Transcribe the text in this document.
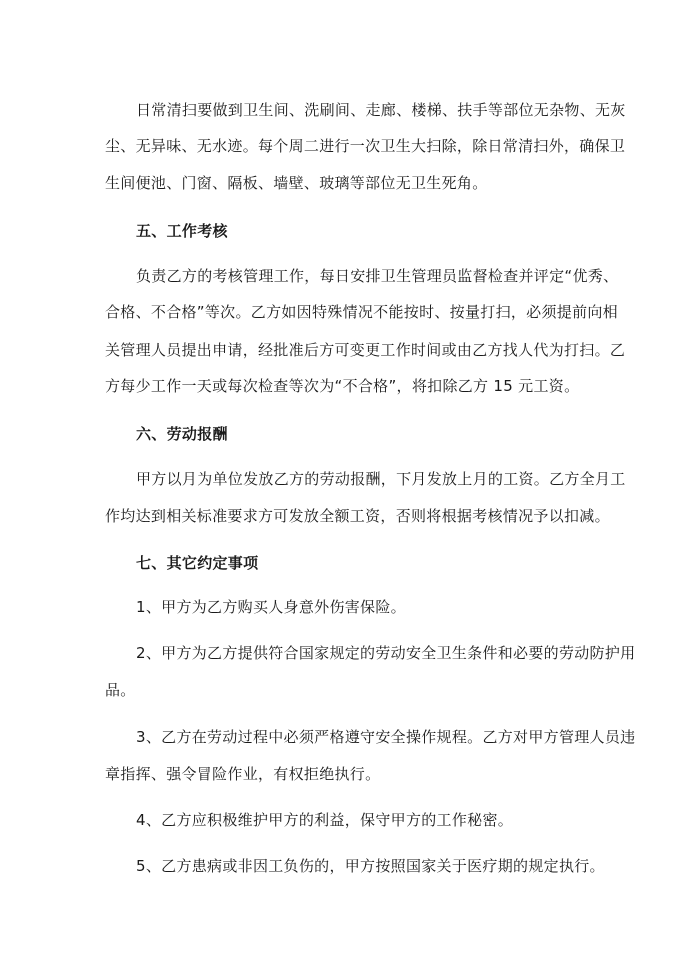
日常清扫要做到卫生间、洗刷间、走廊、楼梯、扶手等部位无杂物、无灰
尘、无异味、无水迹。每个周二进行一次卫生大扫除，除日常清扫外，确保卫
生间便池、门窗、隔板、墙壁、玻璃等部位无卫生死角。
五、工作考核
负责乙方的考核管理工作，每日安排卫生管理员监督检查并评定“优秀、
合格、不合格”等次。乙方如因特殊情况不能按时、按量打扫，必须提前向相
关管理人员提出申请，经批准后方可变更工作时间或由乙方找人代为打扫。乙
方每少工作一天或每次检查等次为“不合格”，将扣除乙方 15 元工资。
六、劳动报酬
甲方以月为单位发放乙方的劳动报酬，下月发放上月的工资。乙方全月工
作均达到相关标准要求方可发放全额工资，否则将根据考核情况予以扣减。
七、其它约定事项
1、甲方为乙方购买人身意外伤害保险。
2、甲方为乙方提供符合国家规定的劳动安全卫生条件和必要的劳动防护用
品。
3、乙方在劳动过程中必须严格遵守安全操作规程。乙方对甲方管理人员违
章指挥、强令冒险作业，有权拒绝执行。
4、乙方应积极维护甲方的利益，保守甲方的工作秘密。
5、乙方患病或非因工负伤的，甲方按照国家关于医疗期的规定执行。
